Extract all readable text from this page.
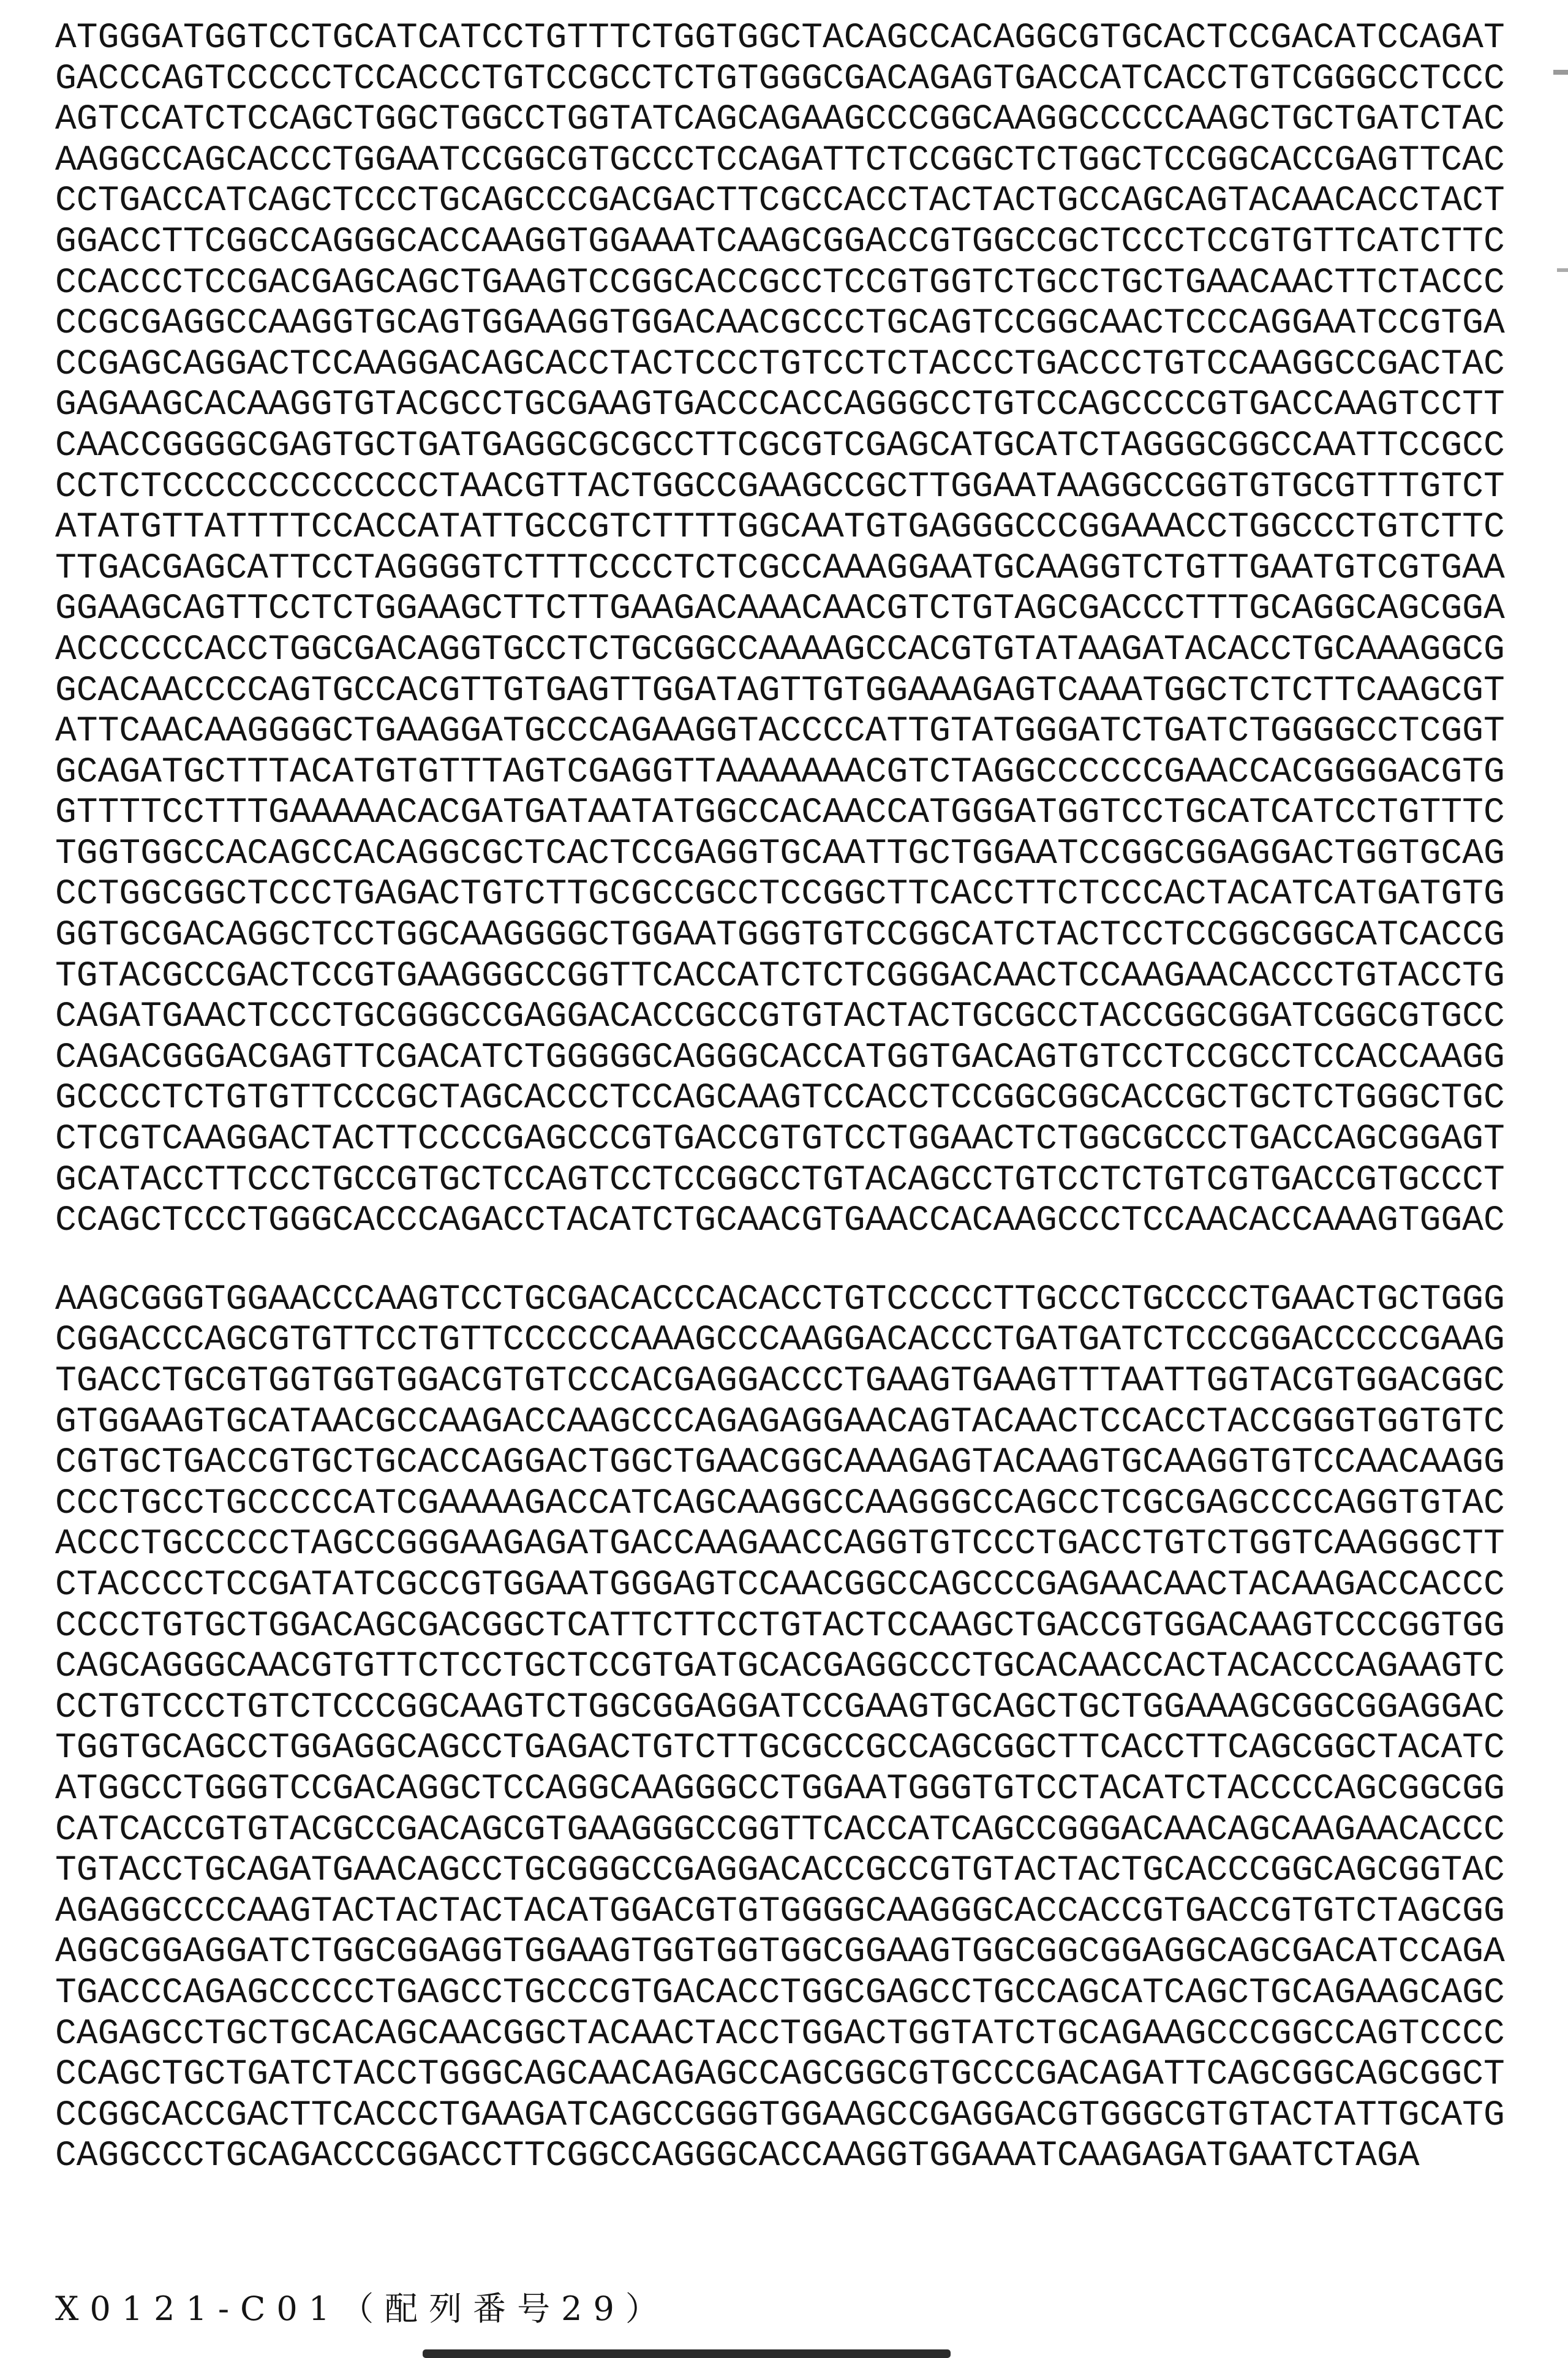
ATGGGATGGTCCTGCATCATCCTGTTTCTGGTGGCTACAGCCACAGGCGTGCACTCCGACATCCAGAT
GACCCAGTCCCCCTCCACCCTGTCCGCCTCTGTGGGCGACAGAGTGACCATCACCTGTCGGGCCTCCC
AGTCCATCTCCAGCTGGCTGGCCTGGTATCAGCAGAAGCCCGGCAAGGCCCCCAAGCTGCTGATCTAC
AAGGCCAGCACCCTGGAATCCGGCGTGCCCTCCAGATTCTCCGGCTCTGGCTCCGGCACCGAGTTCAC
CCTGACCATCAGCTCCCTGCAGCCCGACGACTTCGCCACCTACTACTGCCAGCAGTACAACACCTACT
GGACCTTCGGCCAGGGCACCAAGGTGGAAATCAAGCGGACCGTGGCCGCTCCCTCCGTGTTCATCTTC
CCACCCTCCGACGAGCAGCTGAAGTCCGGCACCGCCTCCGTGGTCTGCCTGCTGAACAACTTCTACCC
CCGCGAGGCCAAGGTGCAGTGGAAGGTGGACAACGCCCTGCAGTCCGGCAACTCCCAGGAATCCGTGA
CCGAGCAGGACTCCAAGGACAGCACCTACTCCCTGTCCTCTACCCTGACCCTGTCCAAGGCCGACTAC
GAGAAGCACAAGGTGTACGCCTGCGAAGTGACCCACCAGGGCCTGTCCAGCCCCGTGACCAAGTCCTT
CAACCGGGGCGAGTGCTGATGAGGCGCGCCTTCGCGTCGAGCATGCATCTAGGGCGGCCAATTCCGCC
CCTCTCCCCCCCCCCCCCTAACGTTACTGGCCGAAGCCGCTTGGAATAAGGCCGGTGTGCGTTTGTCT
ATATGTTATTTTCCACCATATTGCCGTCTTTTGGCAATGTGAGGGCCCGGAAACCTGGCCCTGTCTTC
TTGACGAGCATTCCTAGGGGTCTTTCCCCTCTCGCCAAAGGAATGCAAGGTCTGTTGAATGTCGTGAA
GGAAGCAGTTCCTCTGGAAGCTTCTTGAAGACAAACAACGTCTGTAGCGACCCTTTGCAGGCAGCGGA
ACCCCCCACCTGGCGACAGGTGCCTCTGCGGCCAAAAGCCACGTGTATAAGATACACCTGCAAAGGCG
GCACAACCCCAGTGCCACGTTGTGAGTTGGATAGTTGTGGAAAGAGTCAAATGGCTCTCTTCAAGCGT
ATTCAACAAGGGGCTGAAGGATGCCCAGAAGGTACCCCATTGTATGGGATCTGATCTGGGGCCTCGGT
GCAGATGCTTTACATGTGTTTAGTCGAGGTTAAAAAAACGTCTAGGCCCCCCGAACCACGGGGACGTG
GTTTTCCTTTGAAAAACACGATGATAATATGGCCACAACCATGGGATGGTCCTGCATCATCCTGTTTC
TGGTGGCCACAGCCACAGGCGCTCACTCCGAGGTGCAATTGCTGGAATCCGGCGGAGGACTGGTGCAG
CCTGGCGGCTCCCTGAGACTGTCTTGCGCCGCCTCCGGCTTCACCTTCTCCCACTACATCATGATGTG
GGTGCGACAGGCTCCTGGCAAGGGGCTGGAATGGGTGTCCGGCATCTACTCCTCCGGCGGCATCACCG
TGTACGCCGACTCCGTGAAGGGCCGGTTCACCATCTCTCGGGACAACTCCAAGAACACCCTGTACCTG
CAGATGAACTCCCTGCGGGCCGAGGACACCGCCGTGTACTACTGCGCCTACCGGCGGATCGGCGTGCC
CAGACGGGACGAGTTCGACATCTGGGGGCAGGGCACCATGGTGACAGTGTCCTCCGCCTCCACCAAGG
GCCCCTCTGTGTTCCCGCTAGCACCCTCCAGCAAGTCCACCTCCGGCGGCACCGCTGCTCTGGGCTGC
CTCGTCAAGGACTACTTCCCCGAGCCCGTGACCGTGTCCTGGAACTCTGGCGCCCTGACCAGCGGAGT
GCATACCTTCCCTGCCGTGCTCCAGTCCTCCGGCCTGTACAGCCTGTCCTCTGTCGTGACCGTGCCCT
CCAGCTCCCTGGGCACCCAGACCTACATCTGCAACGTGAACCACAAGCCCTCCAACACCAAAGTGGAC
AAGCGGGTGGAACCCAAGTCCTGCGACACCCACACCTGTCCCCCTTGCCCTGCCCCTGAACTGCTGGG
CGGACCCAGCGTGTTCCTGTTCCCCCCAAAGCCCAAGGACACCCTGATGATCTCCCGGACCCCCGAAG
TGACCTGCGTGGTGGTGGACGTGTCCCACGAGGACCCTGAAGTGAAGTTTAATTGGTACGTGGACGGC
GTGGAAGTGCATAACGCCAAGACCAAGCCCAGAGAGGAACAGTACAACTCCACCTACCGGGTGGTGTC
CGTGCTGACCGTGCTGCACCAGGACTGGCTGAACGGCAAAGAGTACAAGTGCAAGGTGTCCAACAAGG
CCCTGCCTGCCCCCATCGAAAAGACCATCAGCAAGGCCAAGGGCCAGCCTCGCGAGCCCCAGGTGTAC
ACCCTGCCCCCTAGCCGGGAAGAGATGACCAAGAACCAGGTGTCCCTGACCTGTCTGGTCAAGGGCTT
CTACCCCTCCGATATCGCCGTGGAATGGGAGTCCAACGGCCAGCCCGAGAACAACTACAAGACCACCC
CCCCTGTGCTGGACAGCGACGGCTCATTCTTCCTGTACTCCAAGCTGACCGTGGACAAGTCCCGGTGG
CAGCAGGGCAACGTGTTCTCCTGCTCCGTGATGCACGAGGCCCTGCACAACCACTACACCCAGAAGTC
CCTGTCCCTGTCTCCCGGCAAGTCTGGCGGAGGATCCGAAGTGCAGCTGCTGGAAAGCGGCGGAGGAC
TGGTGCAGCCTGGAGGCAGCCTGAGACTGTCTTGCGCCGCCAGCGGCTTCACCTTCAGCGGCTACATC
ATGGCCTGGGTCCGACAGGCTCCAGGCAAGGGCCTGGAATGGGTGTCCTACATCTACCCCAGCGGCGG
CATCACCGTGTACGCCGACAGCGTGAAGGGCCGGTTCACCATCAGCCGGGACAACAGCAAGAACACCC
TGTACCTGCAGATGAACAGCCTGCGGGCCGAGGACACCGCCGTGTACTACTGCACCCGGCAGCGGTAC
AGAGGCCCCAAGTACTACTACTACATGGACGTGTGGGGCAAGGGCACCACCGTGACCGTGTCTAGCGG
AGGCGGAGGATCTGGCGGAGGTGGAAGTGGTGGTGGCGGAAGTGGCGGCGGAGGCAGCGACATCCAGA
TGACCCAGAGCCCCCTGAGCCTGCCCGTGACACCTGGCGAGCCTGCCAGCATCAGCTGCAGAAGCAGC
CAGAGCCTGCTGCACAGCAACGGCTACAACTACCTGGACTGGTATCTGCAGAAGCCCGGCCAGTCCCC
CCAGCTGCTGATCTACCTGGGCAGCAACAGAGCCAGCGGCGTGCCCGACAGATTCAGCGGCAGCGGCT
CCGGCACCGACTTCACCCTGAAGATCAGCCGGGTGGAAGCCGAGGACGTGGGCGTGTACTATTGCATG
CAGGCCCTGCAGACCCGGACCTTCGGCCAGGGCACCAAGGTGGAAATCAAGAGATGAATCTAGA
X0121-C01（配列番号29）
